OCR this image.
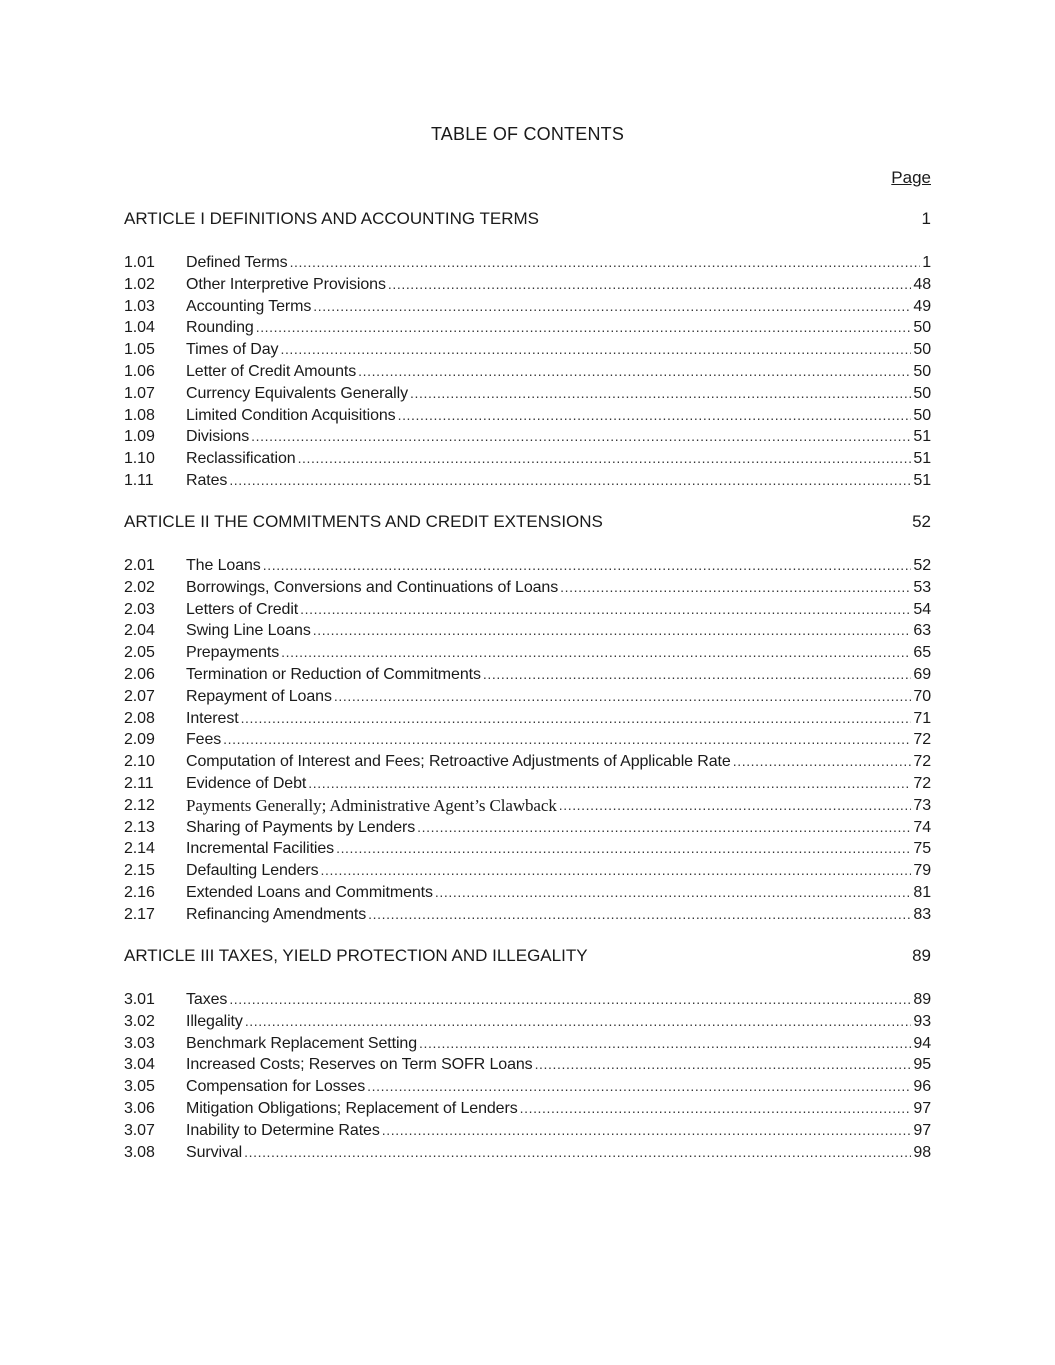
TABLE OF CONTENTS
Page
ARTICLE I DEFINITIONS AND ACCOUNTING TERMS	1
1.01	Defined Terms .....	1
1.02	Other Interpretive Provisions .....	48
1.03	Accounting Terms .....	49
1.04	Rounding .....	50
1.05	Times of Day .....	50
1.06	Letter of Credit Amounts .....	50
1.07	Currency Equivalents Generally .....	50
1.08	Limited Condition Acquisitions .....	50
1.09	Divisions .....	51
1.10	Reclassification .....	51
1.11	Rates .....	51
ARTICLE II THE COMMITMENTS AND CREDIT EXTENSIONS	52
2.01	The Loans .....	52
2.02	Borrowings, Conversions and Continuations of Loans .....	53
2.03	Letters of Credit .....	54
2.04	Swing Line Loans .....	63
2.05	Prepayments .....	65
2.06	Termination or Reduction of Commitments .....	69
2.07	Repayment of Loans .....	70
2.08	Interest .....	71
2.09	Fees .....	72
2.10	Computation of Interest and Fees; Retroactive Adjustments of Applicable Rate .....	72
2.11	Evidence of Debt .....	72
2.12	Payments Generally; Administrative Agent’s Clawback .....	73
2.13	Sharing of Payments by Lenders .....	74
2.14	Incremental Facilities .....	75
2.15	Defaulting Lenders .....	79
2.16	Extended Loans and Commitments .....	81
2.17	Refinancing Amendments .....	83
ARTICLE III TAXES, YIELD PROTECTION AND ILLEGALITY	89
3.01	Taxes .....	89
3.02	Illegality .....	93
3.03	Benchmark Replacement Setting .....	94
3.04	Increased Costs; Reserves on Term SOFR Loans .....	95
3.05	Compensation for Losses .....	96
3.06	Mitigation Obligations; Replacement of Lenders .....	97
3.07	Inability to Determine Rates .....	97
3.08	Survival .....	98
